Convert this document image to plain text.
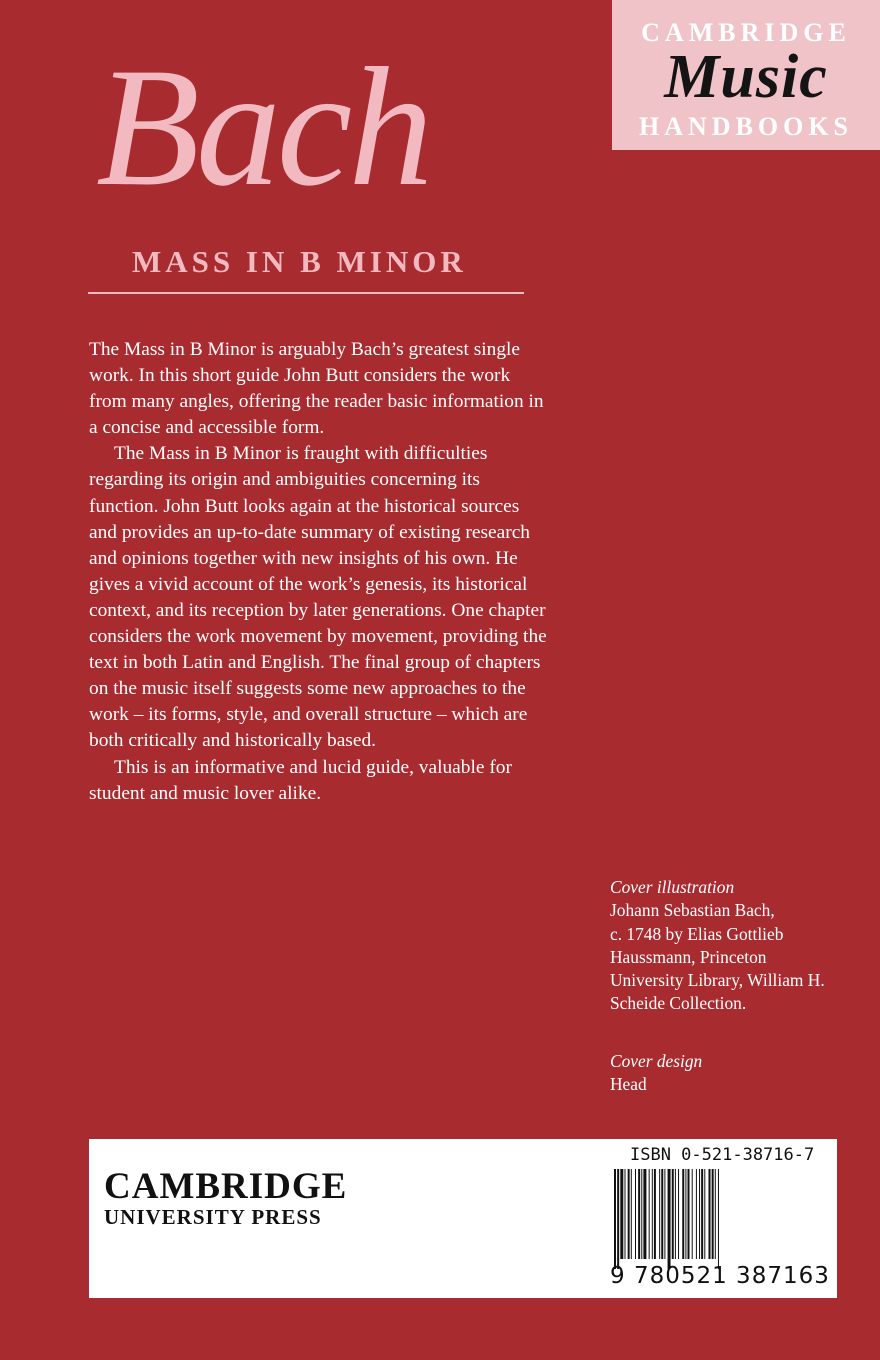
CAMBRIDGE
Music
HANDBOOKS
Bach
MASS IN B MINOR

The Mass in B Minor is arguably Bach’s greatest single work. In this short guide John Butt considers the work from many angles, offering the reader basic information in a concise and accessible form.

The Mass in B Minor is fraught with difficulties regarding its origin and ambiguities concerning its function. John Butt looks again at the historical sources and provides an up-to-date summary of existing research and opinions together with new insights of his own. He gives a vivid account of the work’s genesis, its historical context, and its reception by later generations. One chapter considers the work movement by movement, providing the text in both Latin and English. The final group of chapters on the music itself suggests some new approaches to the work – its forms, style, and overall structure – which are both critically and historically based.

This is an informative and lucid guide, valuable for student and music lover alike.

Cover illustration
Johann Sebastian Bach,
c. 1748 by Elias Gottlieb
Haussmann, Princeton
University Library, William H.
Scheide Collection.
Cover design
Head
CAMBRIDGE
UNIVERSITY PRESS
ISBN 0-521-38716-7
9 780521 387163
